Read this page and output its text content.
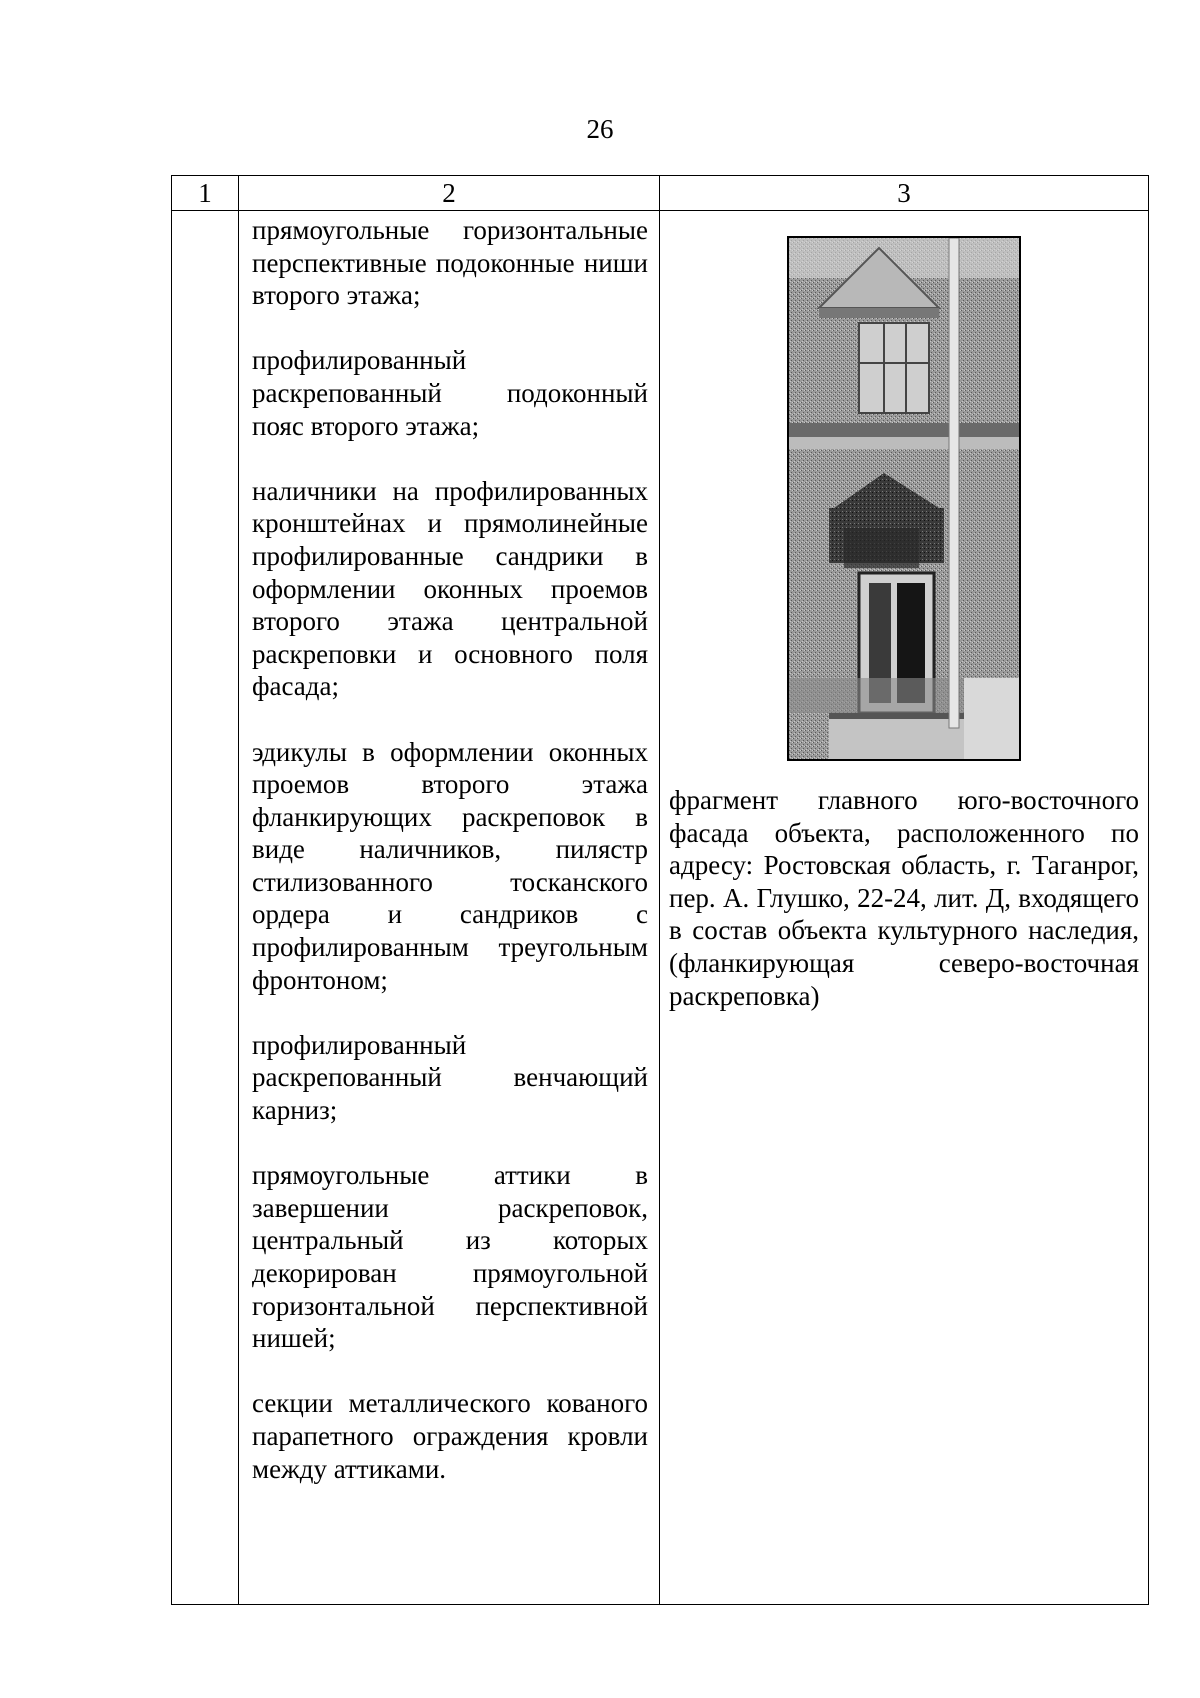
26
1	2	3

прямоугольные горизонтальные перспективные подоконные ниши второго этажа;

профилированный раскрепованный подоконный пояс второго этажа;

наличники на профилированных кронштейнах и прямолинейные профилированные сандрики в оформлении оконных проемов второго этажа центральной раскреповки и основного поля фасада;

эдикулы в оформлении оконных проемов второго этажа фланкирующих раскреповок в виде наличников, пилястр стилизованного тосканского ордера и сандриков с профилированным треугольным фронтоном;

профилированный раскрепованный венчающий карниз;

прямоугольные аттики в завершении раскреповок, центральный из которых декорирован прямоугольной горизонтальной перспективной нишей;

секции металлического кованого парапетного ограждения кровли между аттиками.

фрагмент главного юго-восточного фасада объекта, расположенного по адресу: Ростовская область, г. Таганрог, пер. А. Глушко, 22-24, лит. Д, входящего в состав объекта культурного наследия, (фланкирующая северо-восточная раскреповка)
